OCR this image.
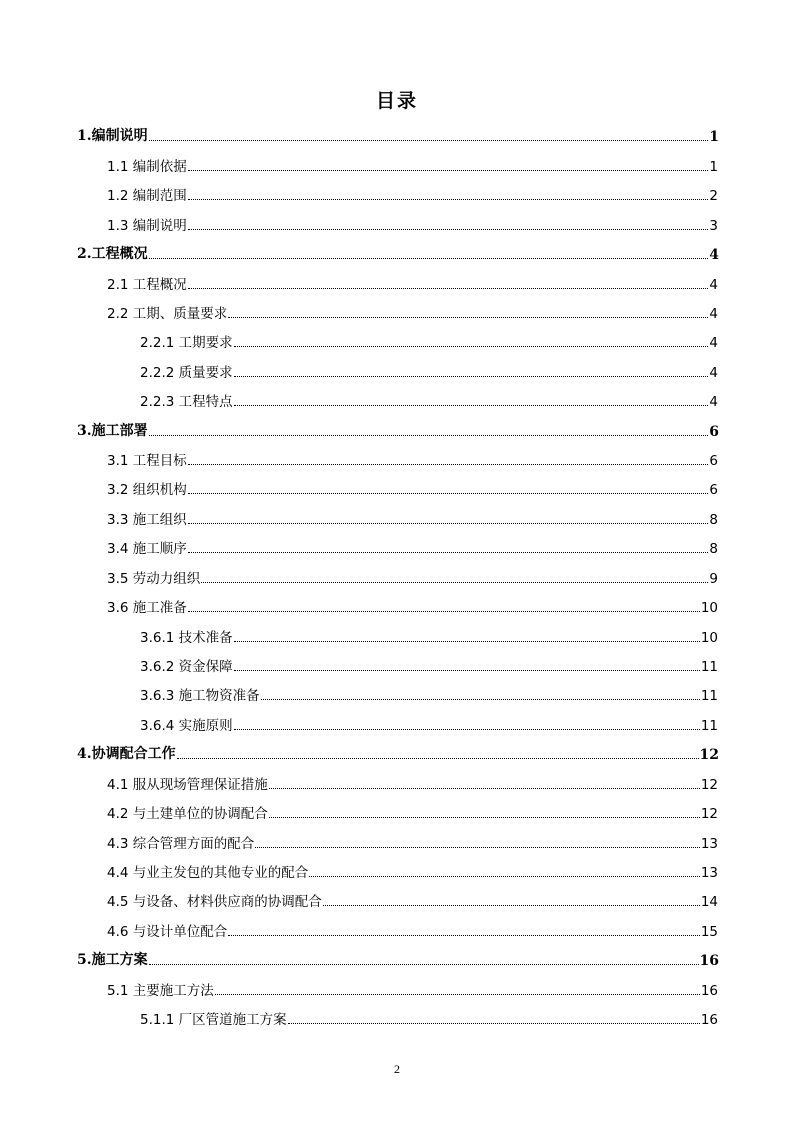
目录
1.编制说明	1
1.1 编制依据	1
1.2 编制范围	2
1.3 编制说明	3
2.工程概况	4
2.1 工程概况	4
2.2 工期、质量要求	4
2.2.1 工期要求	4
2.2.2 质量要求	4
2.2.3 工程特点	4
3.施工部署	6
3.1 工程目标	6
3.2 组织机构	6
3.3 施工组织	8
3.4 施工顺序	8
3.5 劳动力组织	9
3.6 施工准备	10
3.6.1 技术准备	10
3.6.2 资金保障	11
3.6.3 施工物资准备	11
3.6.4 实施原则	11
4.协调配合工作	12
4.1 服从现场管理保证措施	12
4.2 与土建单位的协调配合	12
4.3 综合管理方面的配合	13
4.4 与业主发包的其他专业的配合	13
4.5 与设备、材料供应商的协调配合	14
4.6 与设计单位配合	15
5.施工方案	16
5.1 主要施工方法	16
5.1.1 厂区管道施工方案	16
2
